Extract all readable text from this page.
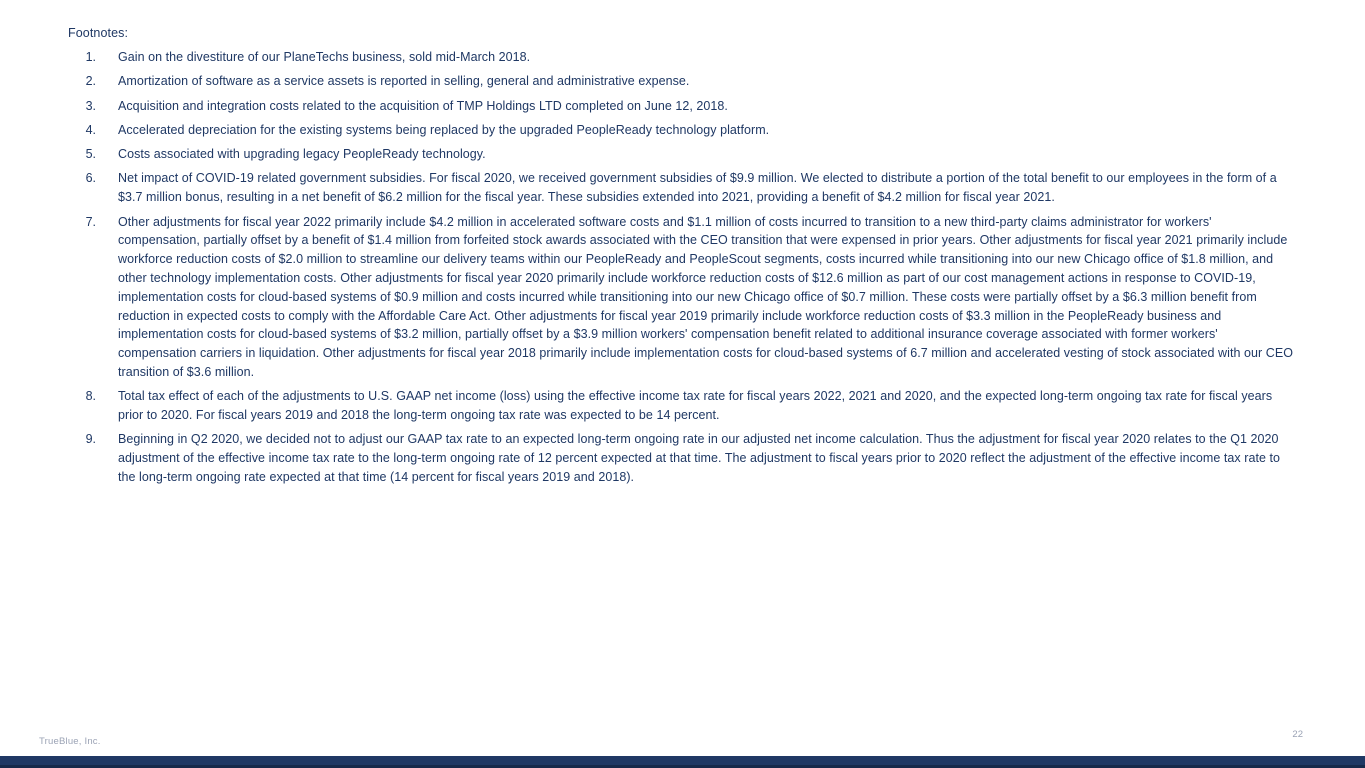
Footnotes:
1.	Gain on the divestiture of our PlaneTechs business, sold mid-March 2018.
2.	Amortization of software as a service assets is reported in selling, general and administrative expense.
3.	Acquisition and integration costs related to the acquisition of TMP Holdings LTD completed on June 12, 2018.
4.	Accelerated depreciation for the existing systems being replaced by the upgraded PeopleReady technology platform.
5.	Costs associated with upgrading legacy PeopleReady technology.
6.	Net impact of COVID-19 related government subsidies. For fiscal 2020, we received government subsidies of $9.9 million. We elected to distribute a portion of the total benefit to our employees in the form of a $3.7 million bonus, resulting in a net benefit of $6.2 million for the fiscal year. These subsidies extended into 2021, providing a benefit of $4.2 million for fiscal year 2021.
7.	Other adjustments for fiscal year 2022 primarily include $4.2 million in accelerated software costs and $1.1 million of costs incurred to transition to a new third-party claims administrator for workers' compensation, partially offset by a benefit of $1.4 million from forfeited stock awards associated with the CEO transition that were expensed in prior years. Other adjustments for fiscal year 2021 primarily include workforce reduction costs of $2.0 million to streamline our delivery teams within our PeopleReady and PeopleScout segments, costs incurred while transitioning into our new Chicago office of $1.8 million, and other technology implementation costs. Other adjustments for fiscal year 2020 primarily include workforce reduction costs of $12.6 million as part of our cost management actions in response to COVID-19, implementation costs for cloud-based systems of $0.9 million and costs incurred while transitioning into our new Chicago office of $0.7 million. These costs were partially offset by a $6.3 million benefit from reduction in expected costs to comply with the Affordable Care Act. Other adjustments for fiscal year 2019 primarily include workforce reduction costs of $3.3 million in the PeopleReady business and implementation costs for cloud-based systems of $3.2 million, partially offset by a $3.9 million workers' compensation benefit related to additional insurance coverage associated with former workers' compensation carriers in liquidation. Other adjustments for fiscal year 2018 primarily include implementation costs for cloud-based systems of 6.7 million and accelerated vesting of stock associated with our CEO transition of $3.6 million.
8.	Total tax effect of each of the adjustments to U.S. GAAP net income (loss) using the effective income tax rate for fiscal years 2022, 2021 and 2020, and the expected long-term ongoing tax rate for fiscal years prior to 2020. For fiscal years 2019 and 2018 the long-term ongoing tax rate was expected to be 14 percent.
9.	Beginning in Q2 2020, we decided not to adjust our GAAP tax rate to an expected long-term ongoing rate in our adjusted net income calculation. Thus the adjustment for fiscal year 2020 relates to the Q1 2020 adjustment of the effective income tax rate to the long-term ongoing rate of 12 percent expected at that time. The adjustment to fiscal years prior to 2020 reflect the adjustment of the effective income tax rate to the long-term ongoing rate expected at that time (14 percent for fiscal years 2019 and 2018).
TrueBlue, Inc.
22
